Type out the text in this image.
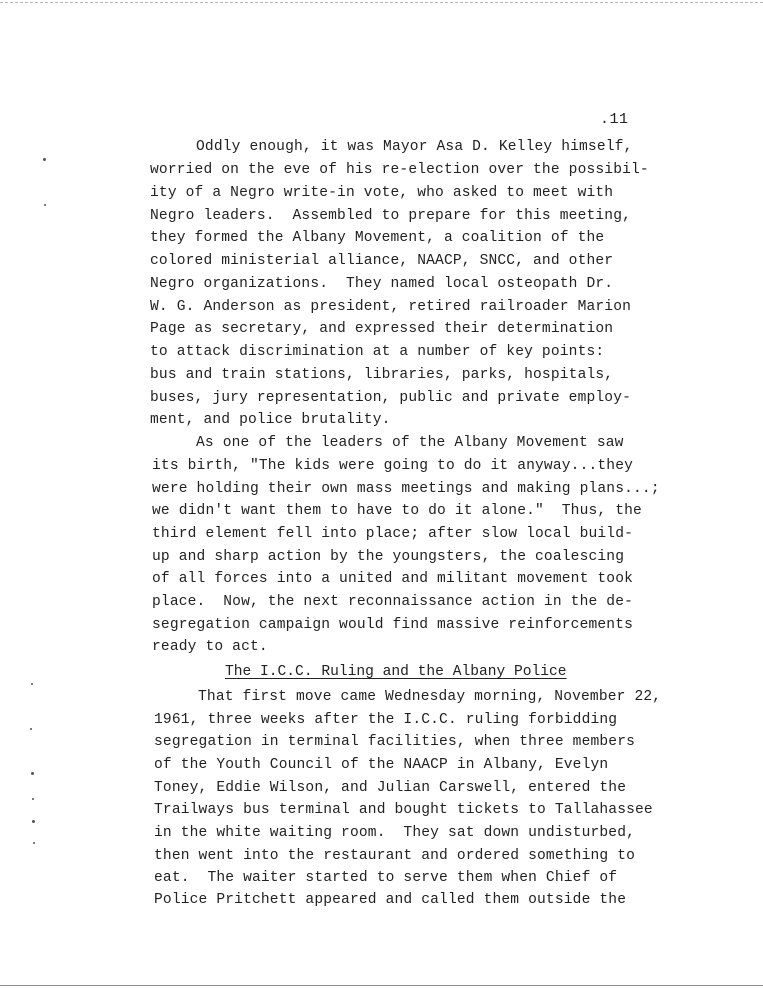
.11
Oddly enough, it was Mayor Asa D. Kelley himself,
worried on the eve of his re-election over the possibil-
ity of a Negro write-in vote, who asked to meet with
Negro leaders.  Assembled to prepare for this meeting,
they formed the Albany Movement, a coalition of the
colored ministerial alliance, NAACP, SNCC, and other
Negro organizations.  They named local osteopath Dr.
W. G. Anderson as president, retired railroader Marion
Page as secretary, and expressed their determination
to attack discrimination at a number of key points:
bus and train stations, libraries, parks, hospitals,
buses, jury representation, public and private employ-
ment, and police brutality.
As one of the leaders of the Albany Movement saw
its birth, "The kids were going to do it anyway...they
were holding their own mass meetings and making plans...;
we didn't want them to have to do it alone."  Thus, the
third element fell into place; after slow local build-
up and sharp action by the youngsters, the coalescing
of all forces into a united and militant movement took
place.  Now, the next reconnaissance action in the de-
segregation campaign would find massive reinforcements
ready to act.
The I.C.C. Ruling and the Albany Police
That first move came Wednesday morning, November 22,
1961, three weeks after the I.C.C. ruling forbidding
segregation in terminal facilities, when three members
of the Youth Council of the NAACP in Albany, Evelyn
Toney, Eddie Wilson, and Julian Carswell, entered the
Trailways bus terminal and bought tickets to Tallahassee
in the white waiting room.  They sat down undisturbed,
then went into the restaurant and ordered something to
eat.  The waiter started to serve them when Chief of
Police Pritchett appeared and called them outside the
